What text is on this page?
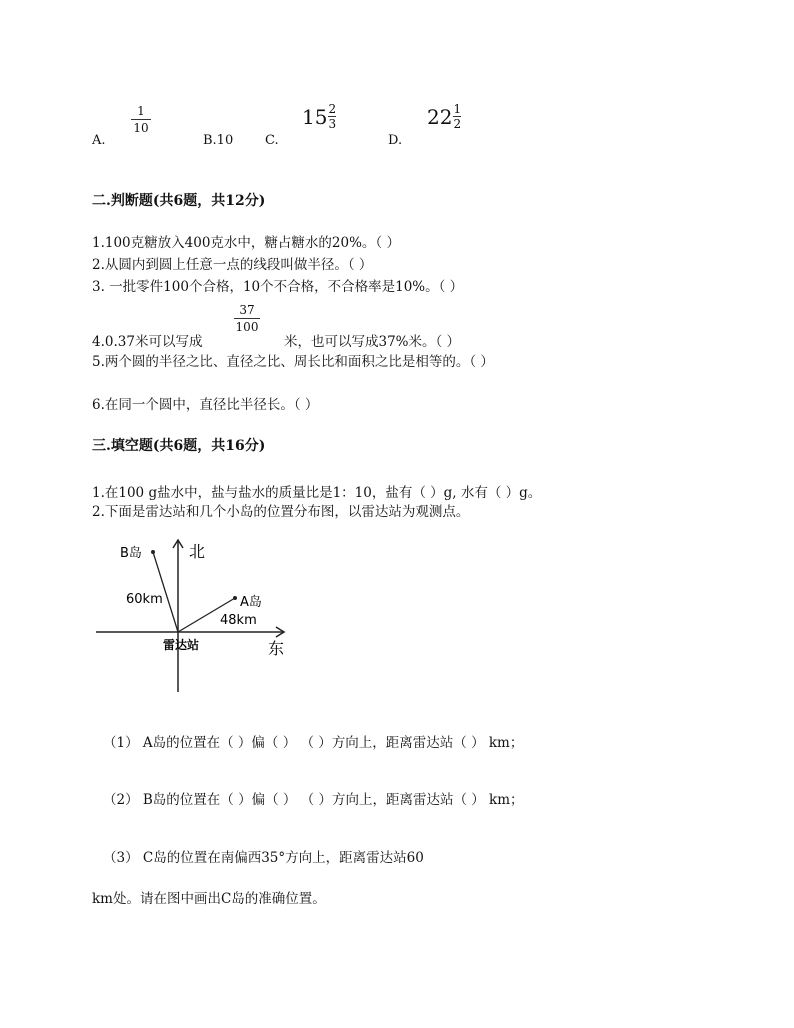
A.
1
10
B.10 C.
$15 \frac{2}{3}$
D.
$22 \frac{1}{2}$
二.判断题(共6题，共12分)
1.100克糖放入400克水中，糖占糖水的20%。（ ）
2.从圆内到圆上任意一点的线段叫做半径。（ ）
3. 一批零件100个合格，10个不合格，不合格率是10%。（ ）
4.0.37米可以写成
37
100
米，也可以写成37%米。（ ）
5.两个圆的半径之比、直径之比、周长比和面积之比是相等的。（ ）
6.在同一个圆中，直径比半径长。（ ）
三.填空题(共6题，共16分)
1.在100 g盐水中，盐与盐水的质量比是1：10，盐有（ ）g, 水有（ ）g。
2.下面是雷达站和几个小岛的位置分布图，以雷达站为观测点。
北
东
B岛
A岛
60km
48km
雷达站
（1） A岛的位置在（ ）偏（ ） （ ）方向上，距离雷达站（ ） km；
（2） B岛的位置在（ ）偏（ ） （ ）方向上，距离雷达站（ ） km；
（3） C岛的位置在南偏西35°方向上，距离雷达站60
km处。请在图中画出C岛的准确位置。
